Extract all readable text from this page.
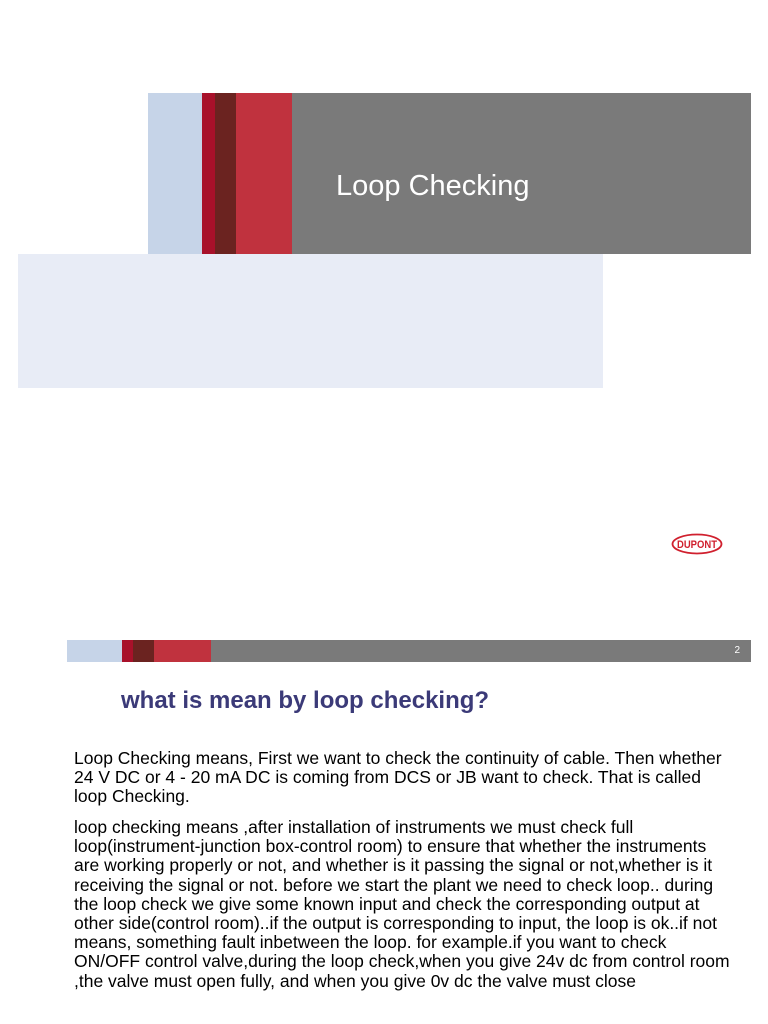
Loop Checking
DUPONT
2
what is mean by loop checking?
Loop Checking means, First we want to check the continuity of cable. Then whether 24 V DC or 4 - 20 mA DC is coming from DCS or JB want to check. That is called loop Checking.
loop checking means ,after installation of instruments we must check full loop(instrument-junction box-control room) to ensure that whether the instruments are working properly or not, and whether is it passing the signal or not,whether is it receiving the signal or not. before we start the plant we need to check loop.. during the loop check we give some known input and check the corresponding output at other side(control room)..if the output is corresponding to input, the loop is ok..if not means, something fault inbetween the loop. for example.if you want to check ON/OFF control valve,during the loop check,when you give 24v dc from control room ,the valve must open fully, and when you give 0v dc the valve must close
